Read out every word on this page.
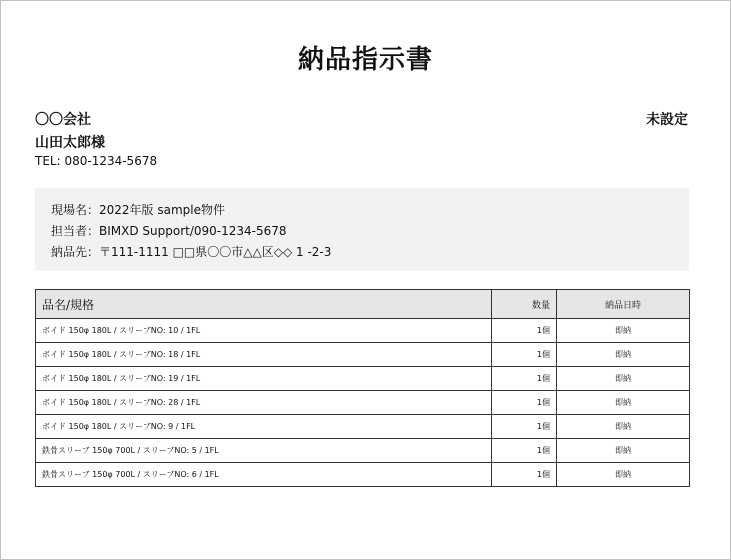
納品指示書
〇〇会社	未設定
山田太郎様
TEL: 080-1234-5678
現場名：2022年版 sample物件
担当者：BIMXD Support/090-1234-5678
納品先：〒111-1111 □□県〇〇市△△区◇◇ 1 -2-3
品名/規格	数量	納品日時
ボイド 150φ 180L / スリーブNO: 10 / 1FL	1個	即納
ボイド 150φ 180L / スリーブNO: 18 / 1FL	1個	即納
ボイド 150φ 180L / スリーブNO: 19 / 1FL	1個	即納
ボイド 150φ 180L / スリーブNO: 28 / 1FL	1個	即納
ボイド 150φ 180L / スリーブNO: 9 / 1FL	1個	即納
鉄骨スリーブ 150φ 700L / スリーブNO: 5 / 1FL	1個	即納
鉄骨スリーブ 150φ 700L / スリーブNO: 6 / 1FL	1個	即納
